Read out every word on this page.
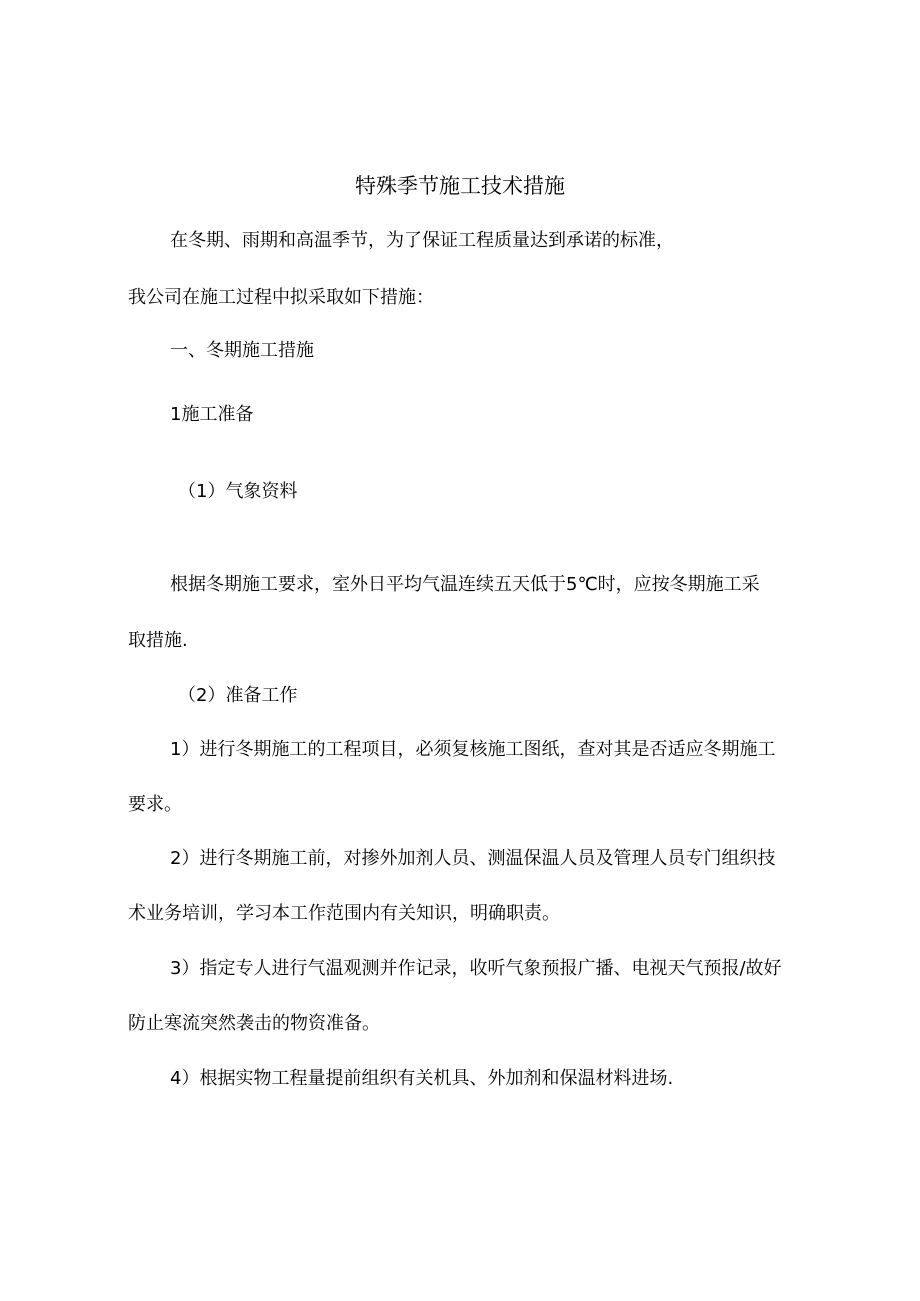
特殊季节施工技术措施
在冬期、雨期和高温季节，为了保证工程质量达到承诺的标准，
我公司在施工过程中拟采取如下措施：
一、冬期施工措施
1施工准备
（1）气象资料
根据冬期施工要求，室外日平均气温连续五天低于5℃时，应按冬期施工采
取措施.
（2）准备工作
1）进行冬期施工的工程项目，必须复核施工图纸，查对其是否适应冬期施工
要求。
2）进行冬期施工前，对掺外加剂人员、测温保温人员及管理人员专门组织技
术业务培训，学习本工作范围内有关知识，明确职责。
3）指定专人进行气温观测并作记录，收听气象预报广播、电视天气预报/故好
防止寒流突然袭击的物资准备。
4）根据实物工程量提前组织有关机具、外加剂和保温材料进场.
